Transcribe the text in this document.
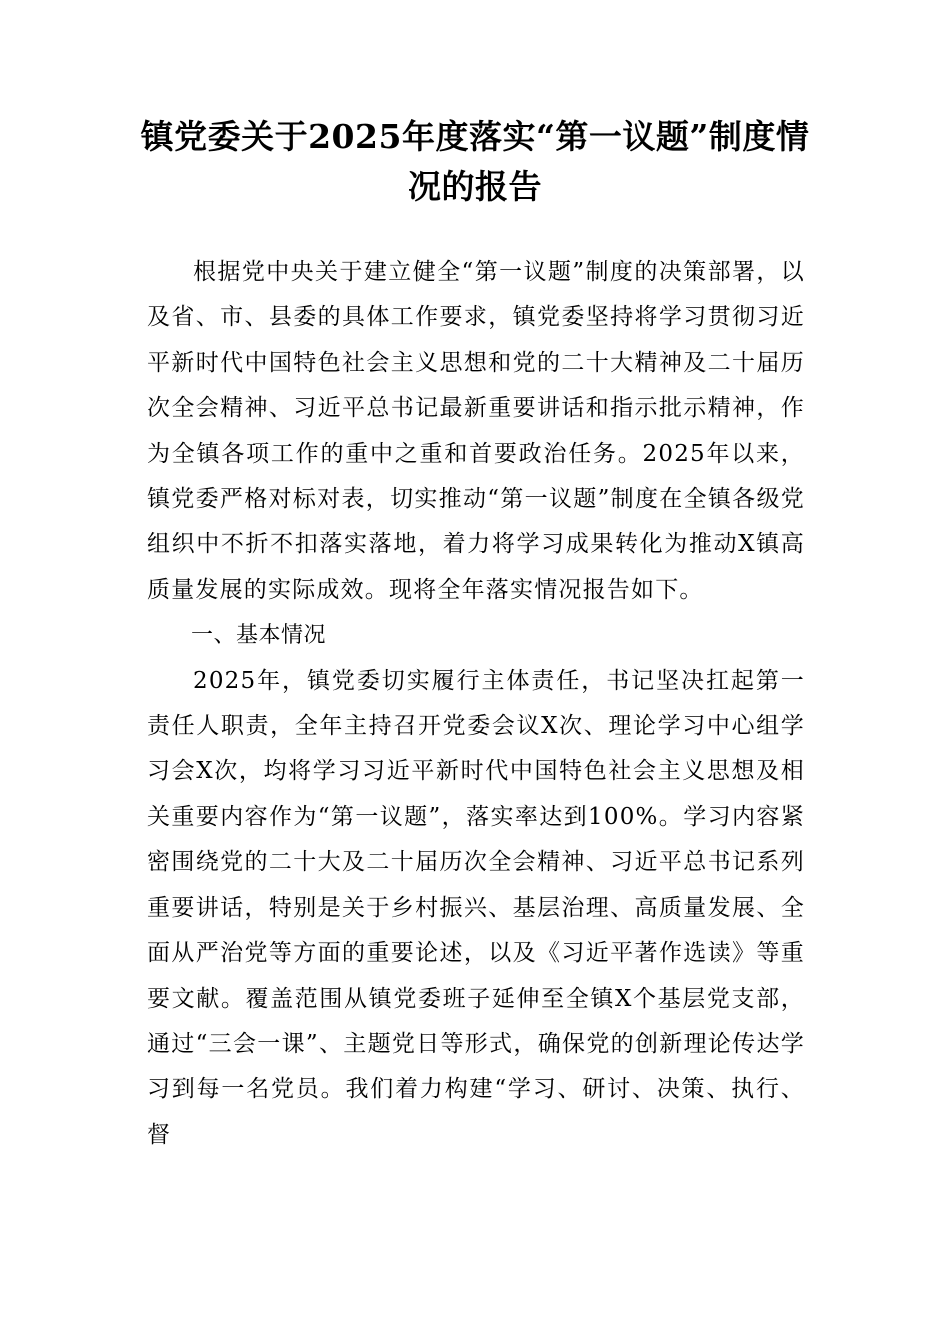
镇党委关于2025年度落实“第一议题”制度情况的报告

根据党中央关于建立健全“第一议题”制度的决策部署，以及省、市、县委的具体工作要求，镇党委坚持将学习贯彻习近平新时代中国特色社会主义思想和党的二十大精神及二十届历次全会精神、习近平总书记最新重要讲话和指示批示精神，作为全镇各项工作的重中之重和首要政治任务。2025年以来，镇党委严格对标对表，切实推动“第一议题”制度在全镇各级党组织中不折不扣落实落地，着力将学习成果转化为推动X镇高质量发展的实际成效。现将全年落实情况报告如下。

一、基本情况

2025年，镇党委切实履行主体责任，书记坚决扛起第一责任人职责，全年主持召开党委会议X次、理论学习中心组学习会X次，均将学习习近平新时代中国特色社会主义思想及相关重要内容作为“第一议题”，落实率达到100%。学习内容紧密围绕党的二十大及二十届历次全会精神、习近平总书记系列重要讲话，特别是关于乡村振兴、基层治理、高质量发展、全面从严治党等方面的重要论述，以及《习近平著作选读》等重要文献。覆盖范围从镇党委班子延伸至全镇X个基层党支部，通过“三会一课”、主题党日等形式，确保党的创新理论传达学习到每一名党员。我们着力构建“学习、研讨、决策、执行、督
